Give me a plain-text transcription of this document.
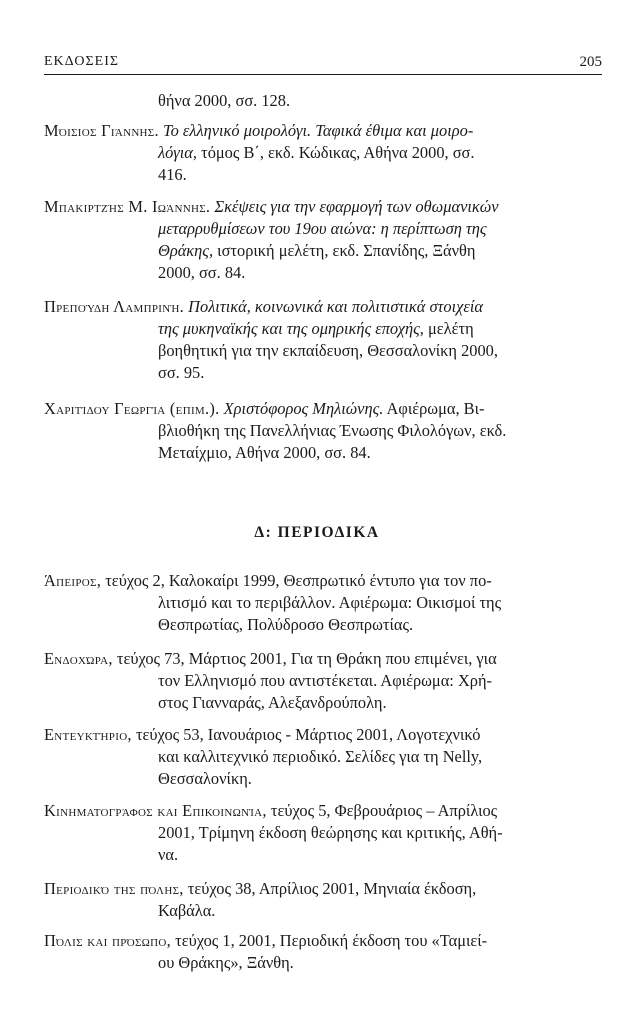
ΕΚΔΟΣΕΙΣ	205
θήνα 2000, σσ. 128.
Μόισιος Γιάννης. Το ελληνικό μοιρολόγι. Ταφικά έθιμα και μοιρο-
λόγια, τόμος Β΄, εκδ. Κώδικας, Αθήνα 2000, σσ.
416.
Μπακιρτζής Μ. Ιωάννης. Σκέψεις για την εφαρμογή των οθωμανικών
μεταρρυθμίσεων του 19ου αιώνα: η περίπτωση της
Θράκης, ιστορική μελέτη, εκδ. Σπανίδης, Ξάνθη
2000, σσ. 84.
Πρεπούδη Λαμπρινή. Πολιτικά, κοινωνικά και πολιτιστικά στοιχεία
της μυκηναϊκής και της ομηρικής εποχής, μελέτη
βοηθητική για την εκπαίδευση, Θεσσαλονίκη 2000,
σσ. 95.
Χαριτίδου Γεωργία (επιμ.). Χριστόφορος Μηλιώνης. Αφιέρωμα, Βι-
βλιοθήκη της Πανελλήνιας Ένωσης Φιλολόγων, εκδ.
Μεταίχμιο, Αθήνα 2000, σσ. 84.
Δ: ΠΕΡΙΟΔΙΚΑ
Άπειρος, τεύχος 2, Καλοκαίρι 1999, Θεσπρωτικό έντυπο για τον πο-
λιτισμό και το περιβάλλον. Αφιέρωμα: Οικισμοί της
Θεσπρωτίας, Πολύδροσο Θεσπρωτίας.
Ενδοχώρα, τεύχος 73, Μάρτιος 2001, Για τη Θράκη που επιμένει, για
τον Ελληνισμό που αντιστέκεται. Αφιέρωμα: Χρή-
στος Γιανναράς, Αλεξανδρούπολη.
Εντευκτήριο, τεύχος 53, Ιανουάριος - Μάρτιος 2001, Λογοτεχνικό
και καλλιτεχνικό περιοδικό. Σελίδες για τη Nelly,
Θεσσαλονίκη.
Κινηματογράφος και Επικοινωνία, τεύχος 5, Φεβρουάριος – Απρίλιος
2001, Τρίμηνη έκδοση θεώρησης και κριτικής, Αθή-
να.
Περιοδικό της πόλης, τεύχος 38, Απρίλιος 2001, Μηνιαία έκδοση,
Καβάλα.
Πόλις και πρόσωπο, τεύχος 1, 2001, Περιοδική έκδοση του «Ταμιεί-
ου Θράκης», Ξάνθη.
